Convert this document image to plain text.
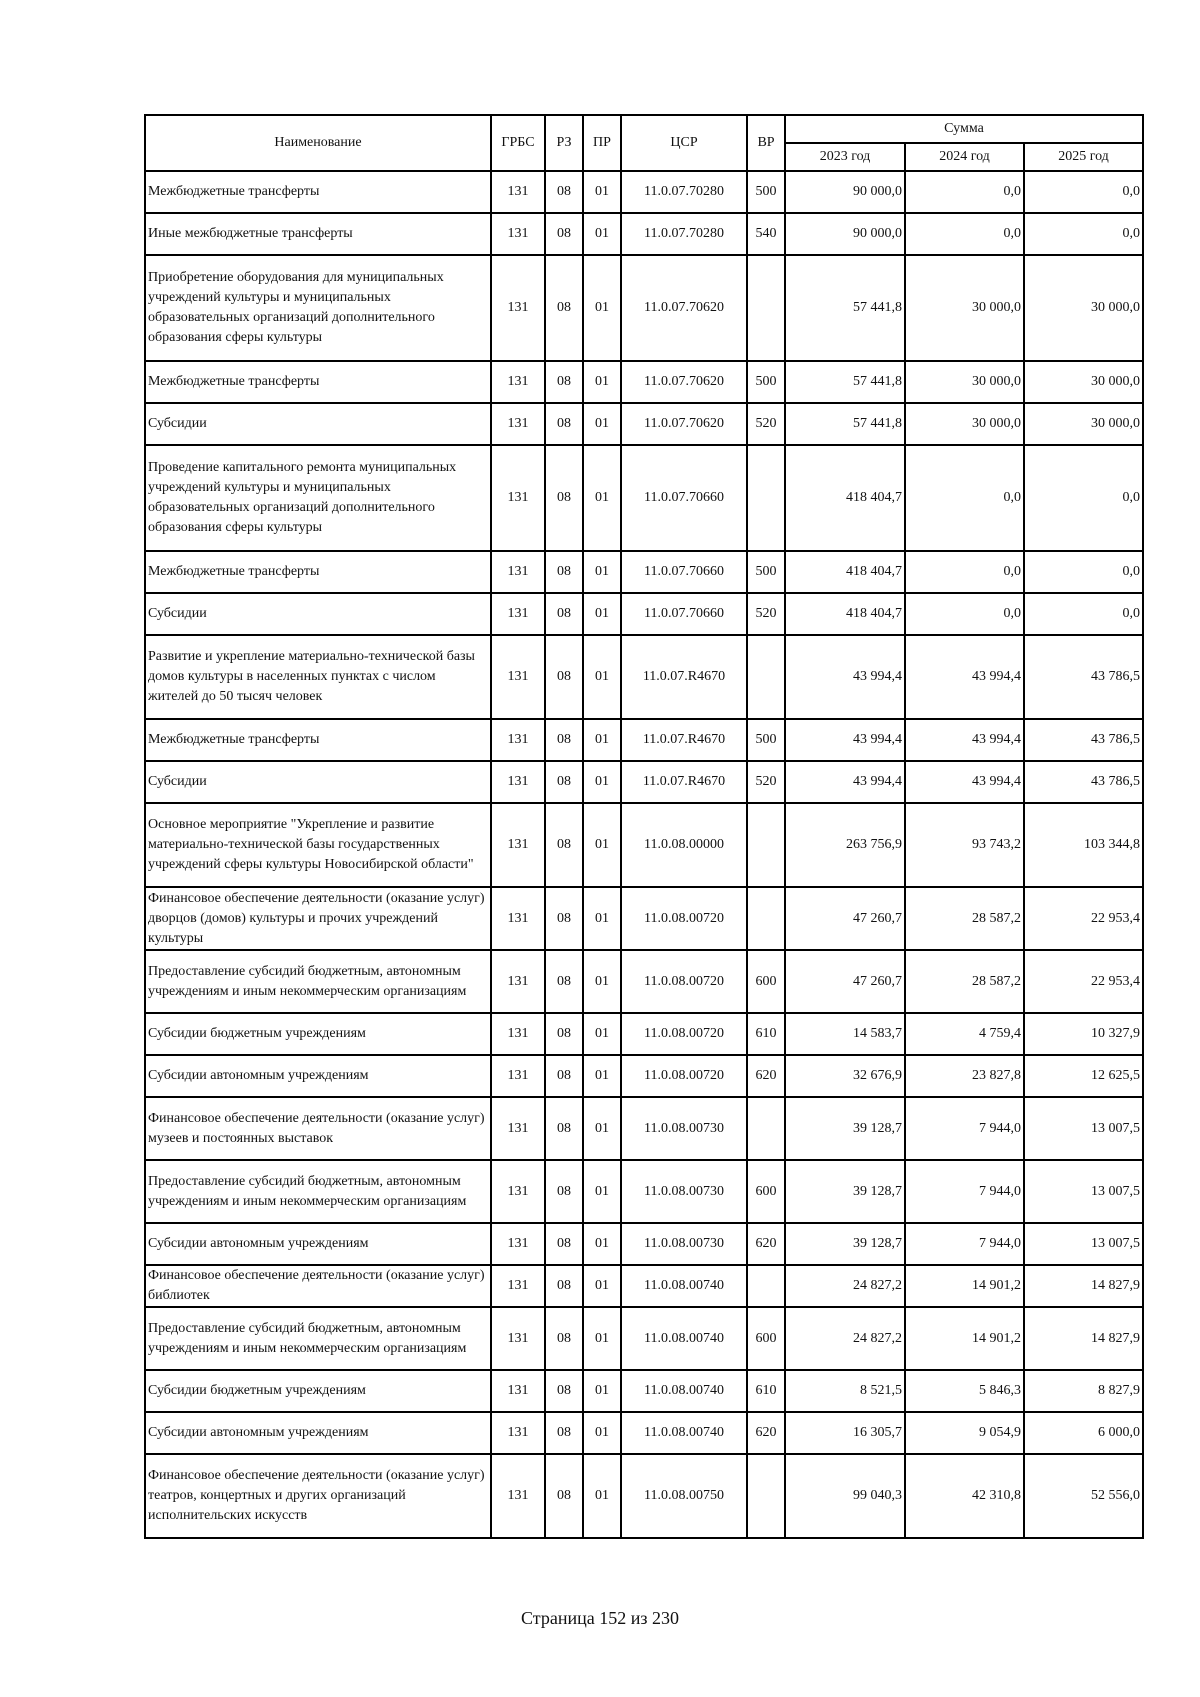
Наименование	ГРБС	РЗ	ПР	ЦСР	ВР	Сумма		
						2023 год	2024 год	2025 год
Межбюджетные трансферты	131	08	01	11.0.07.70280	500	90 000,0	0,0	0,0
Иные межбюджетные трансферты	131	08	01	11.0.07.70280	540	90 000,0	0,0	0,0
Приобретение оборудования для муниципальных учреждений культуры и муниципальных образовательных организаций дополнительного образования сферы культуры	131	08	01	11.0.07.70620		57 441,8	30 000,0	30 000,0
Межбюджетные трансферты	131	08	01	11.0.07.70620	500	57 441,8	30 000,0	30 000,0
Субсидии	131	08	01	11.0.07.70620	520	57 441,8	30 000,0	30 000,0
Проведение капитального ремонта муниципальных учреждений культуры и муниципальных образовательных организаций дополнительного образования сферы культуры	131	08	01	11.0.07.70660		418 404,7	0,0	0,0
Межбюджетные трансферты	131	08	01	11.0.07.70660	500	418 404,7	0,0	0,0
Субсидии	131	08	01	11.0.07.70660	520	418 404,7	0,0	0,0
Развитие и укрепление материально-технической базы домов культуры в населенных пунктах с числом жителей до 50 тысяч человек	131	08	01	11.0.07.R4670		43 994,4	43 994,4	43 786,5
Межбюджетные трансферты	131	08	01	11.0.07.R4670	500	43 994,4	43 994,4	43 786,5
Субсидии	131	08	01	11.0.07.R4670	520	43 994,4	43 994,4	43 786,5
Основное мероприятие "Укрепление и развитие материально-технической базы государственных учреждений сферы культуры Новосибирской области"	131	08	01	11.0.08.00000		263 756,9	93 743,2	103 344,8
Финансовое обеспечение деятельности (оказание услуг) дворцов (домов) культуры и прочих учреждений культуры	131	08	01	11.0.08.00720		47 260,7	28 587,2	22 953,4
Предоставление субсидий бюджетным, автономным учреждениям и иным некоммерческим организациям	131	08	01	11.0.08.00720	600	47 260,7	28 587,2	22 953,4
Субсидии бюджетным учреждениям	131	08	01	11.0.08.00720	610	14 583,7	4 759,4	10 327,9
Субсидии автономным учреждениям	131	08	01	11.0.08.00720	620	32 676,9	23 827,8	12 625,5
Финансовое обеспечение деятельности (оказание услуг) музеев и постоянных выставок	131	08	01	11.0.08.00730		39 128,7	7 944,0	13 007,5
Предоставление субсидий бюджетным, автономным учреждениям и иным некоммерческим организациям	131	08	01	11.0.08.00730	600	39 128,7	7 944,0	13 007,5
Субсидии автономным учреждениям	131	08	01	11.0.08.00730	620	39 128,7	7 944,0	13 007,5
Финансовое обеспечение деятельности (оказание услуг) библиотек	131	08	01	11.0.08.00740		24 827,2	14 901,2	14 827,9
Предоставление субсидий бюджетным, автономным учреждениям и иным некоммерческим организациям	131	08	01	11.0.08.00740	600	24 827,2	14 901,2	14 827,9
Субсидии бюджетным учреждениям	131	08	01	11.0.08.00740	610	8 521,5	5 846,3	8 827,9
Субсидии автономным учреждениям	131	08	01	11.0.08.00740	620	16 305,7	9 054,9	6 000,0
Финансовое обеспечение деятельности (оказание услуг) театров, концертных и других организаций исполнительских искусств	131	08	01	11.0.08.00750		99 040,3	42 310,8	52 556,0
Страница 152 из 230
